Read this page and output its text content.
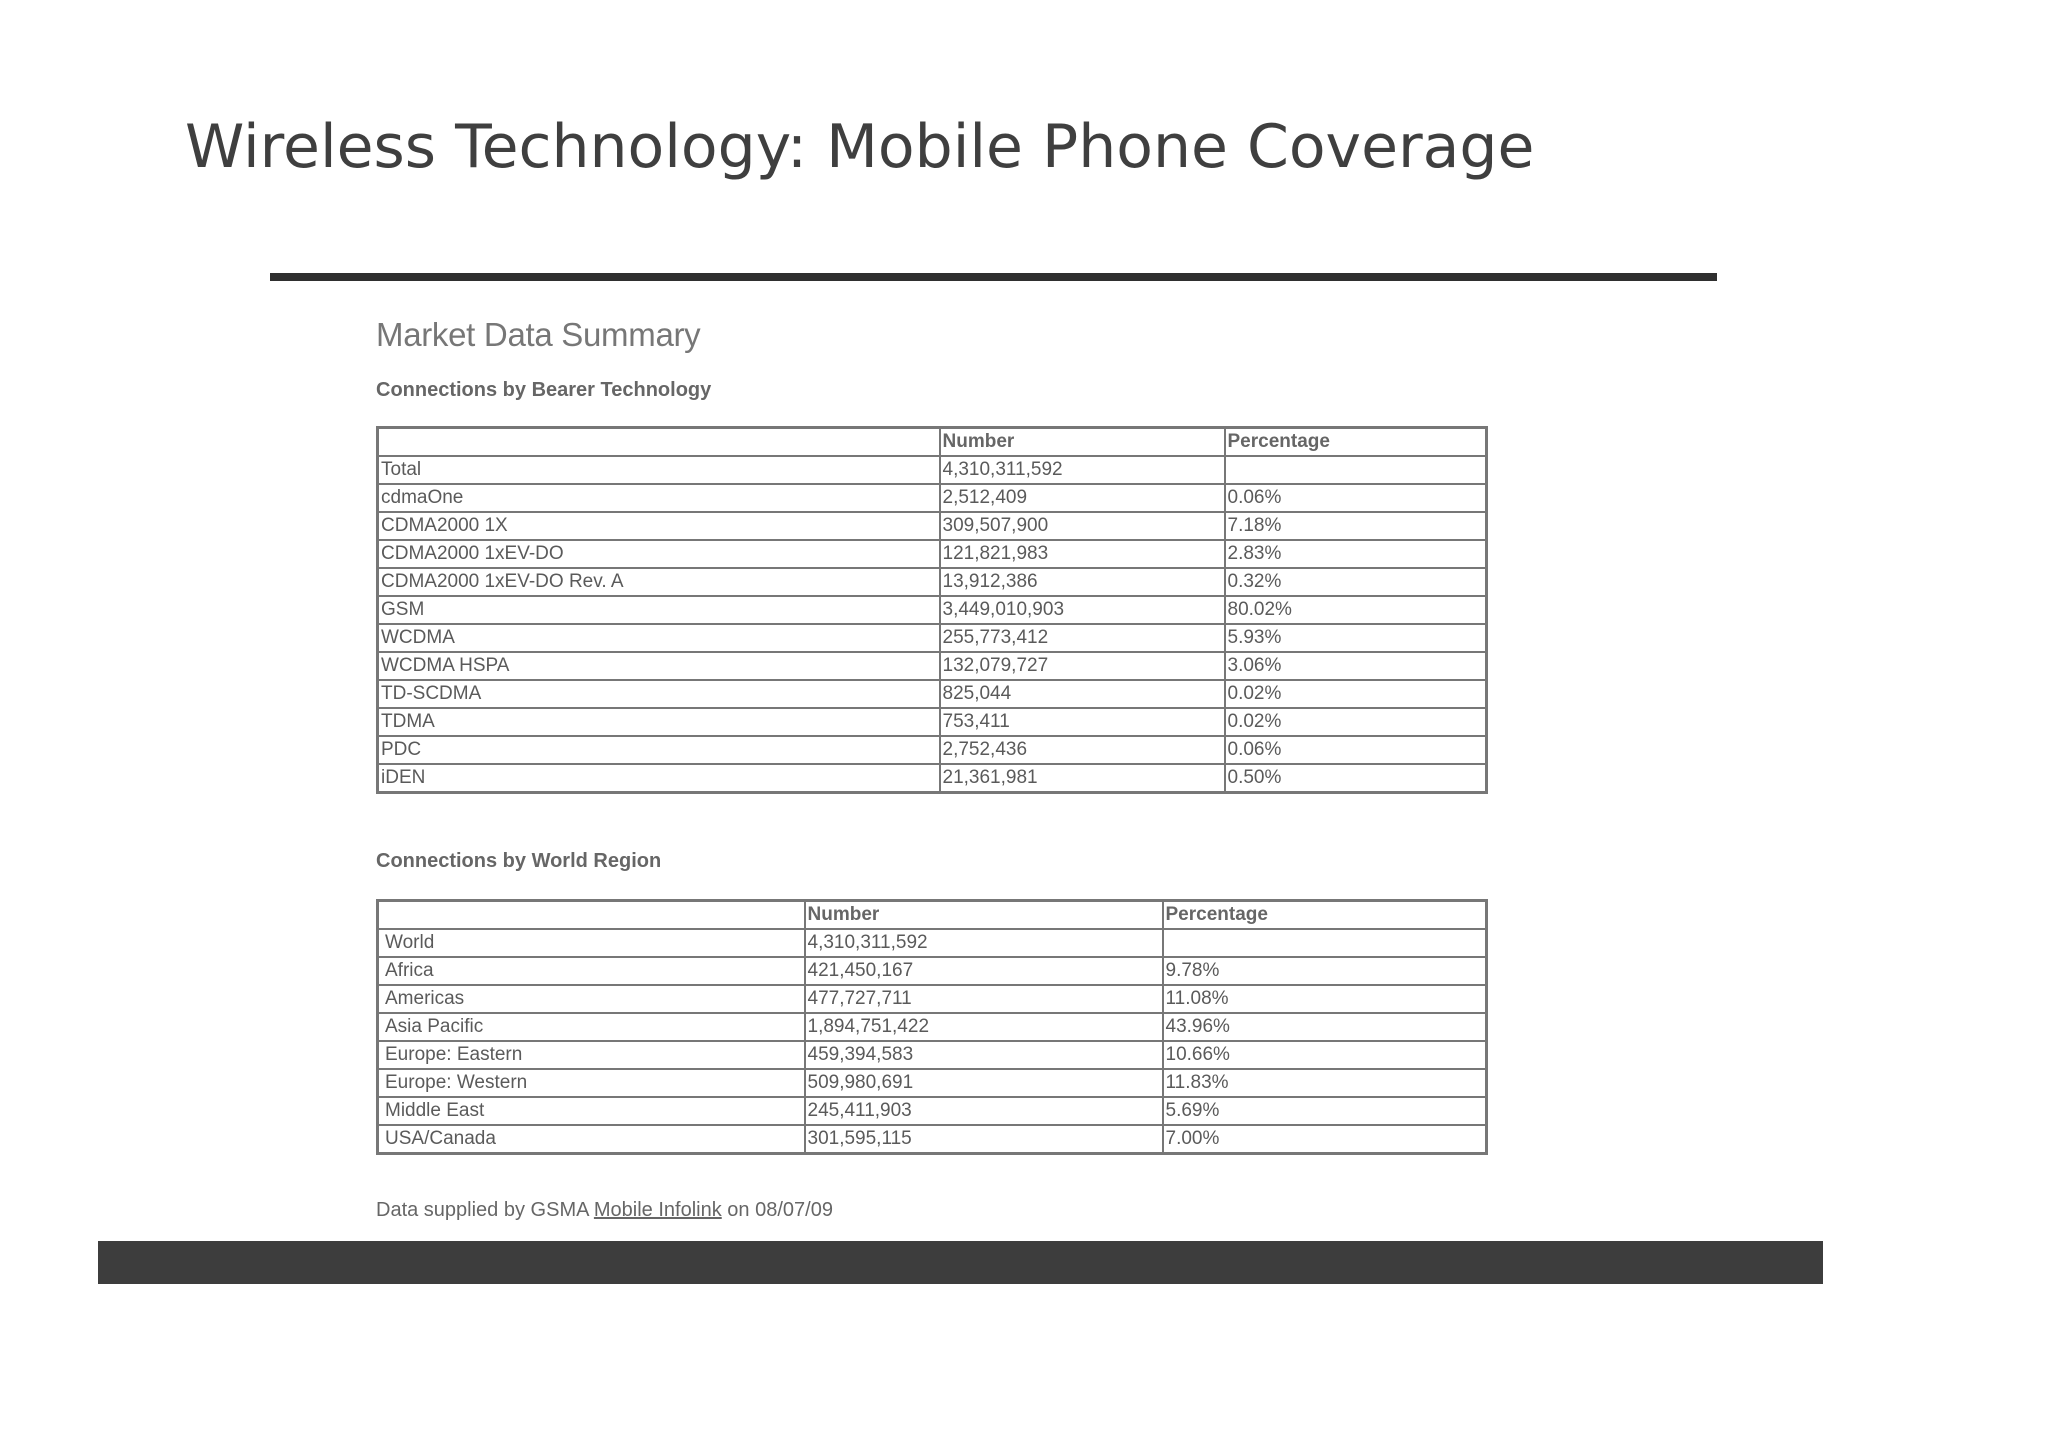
Wireless Technology: Mobile Phone Coverage
Market Data Summary

Connections by Bearer Technology

	Number	Percentage
Total	4,310,311,592	
cdmaOne	2,512,409	0.06%
CDMA2000 1X	309,507,900	7.18%
CDMA2000 1xEV-DO	121,821,983	2.83%
CDMA2000 1xEV-DO Rev. A	13,912,386	0.32%
GSM	3,449,010,903	80.02%
WCDMA	255,773,412	5.93%
WCDMA HSPA	132,079,727	3.06%
TD-SCDMA	825,044	0.02%
TDMA	753,411	0.02%
PDC	2,752,436	0.06%
iDEN	21,361,981	0.50%

Connections by World Region

	Number	Percentage
World	4,310,311,592	
Africa	421,450,167	9.78%
Americas	477,727,711	11.08%
Asia Pacific	1,894,751,422	43.96%
Europe: Eastern	459,394,583	10.66%
Europe: Western	509,980,691	11.83%
Middle East	245,411,903	5.69%
USA/Canada	301,595,115	7.00%

Data supplied by GSMA Mobile Infolink on 08/07/09
